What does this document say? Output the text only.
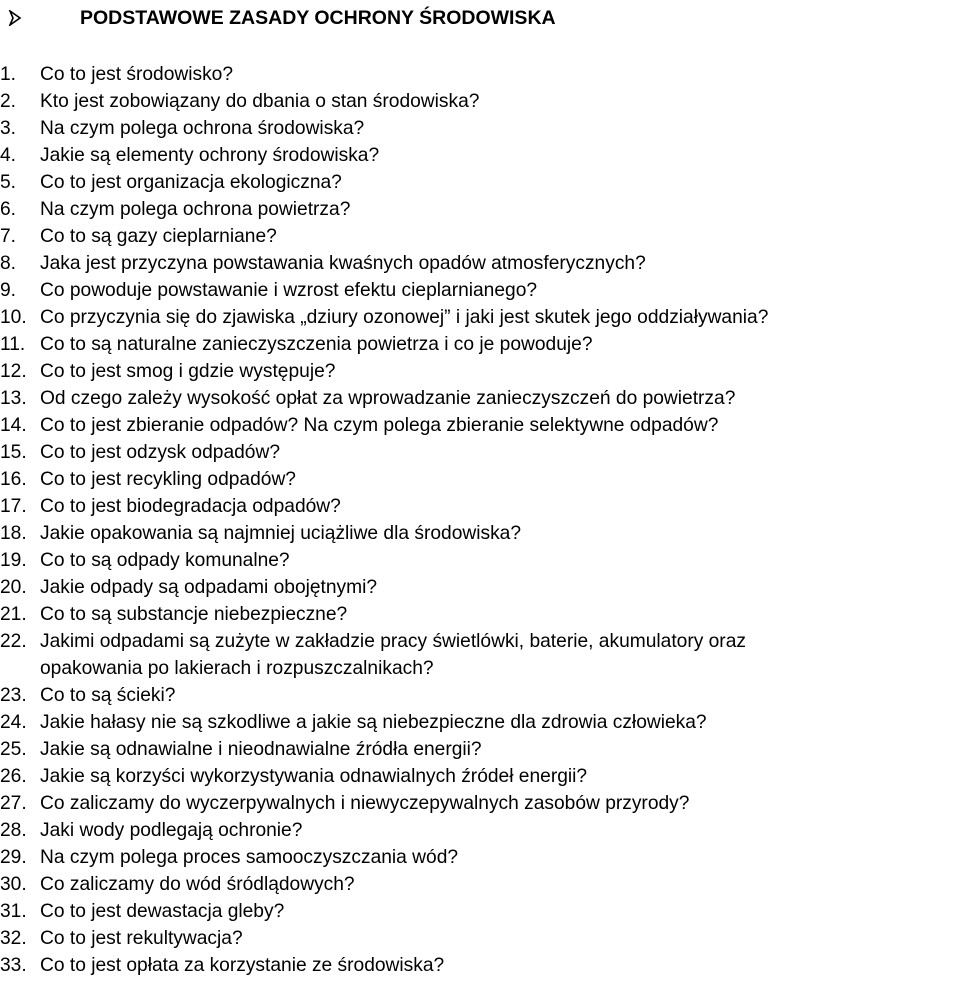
PODSTAWOWE ZASADY OCHRONY ŚRODOWISKA
1.	Co to jest środowisko?
2.	Kto jest zobowiązany do dbania o stan środowiska?
3.	Na czym polega ochrona środowiska?
4.	Jakie są elementy ochrony środowiska?
5.	Co to jest organizacja ekologiczna?
6.	Na czym polega ochrona powietrza?
7.	Co to są gazy cieplarniane?
8.	Jaka jest przyczyna powstawania kwaśnych opadów atmosferycznych?
9.	Co powoduje powstawanie i wzrost efektu cieplarnianego?
10. Co przyczynia się do zjawiska „dziury ozonowej” i jaki jest skutek jego oddziaływania?
11. Co to są naturalne zanieczyszczenia powietrza i co je powoduje?
12. Co to jest smog i gdzie występuje?
13. Od czego zależy wysokość opłat za wprowadzanie zanieczyszczeń do powietrza?
14. Co to jest zbieranie odpadów? Na czym polega zbieranie selektywne odpadów?
15. Co to jest odzysk odpadów?
16. Co to jest recykling odpadów?
17. Co to jest biodegradacja odpadów?
18. Jakie opakowania są najmniej uciążliwe dla środowiska?
19. Co to są odpady komunalne?
20. Jakie odpady są odpadami obojętnymi?
21. Co to są substancje niebezpieczne?
22. Jakimi odpadami są zużyte w zakładzie pracy świetlówki, baterie, akumulatory oraz
opakowania po lakierach i rozpuszczalnikach?
23. Co to są ścieki?
24. Jakie hałasy nie są szkodliwe a jakie są niebezpieczne dla zdrowia człowieka?
25. Jakie są odnawialne i nieodnawialne źródła energii?
26. Jakie są korzyści wykorzystywania odnawialnych źródeł energii?
27. Co zaliczamy do wyczerpywalnych i niewyczepywalnych zasobów przyrody?
28. Jaki wody podlegają ochronie?
29. Na czym polega proces samooczyszczania wód?
30. Co zaliczamy do wód śródlądowych?
31. Co to jest dewastacja gleby?
32. Co to jest rekultywacja?
33. Co to jest opłata za korzystanie ze środowiska?
